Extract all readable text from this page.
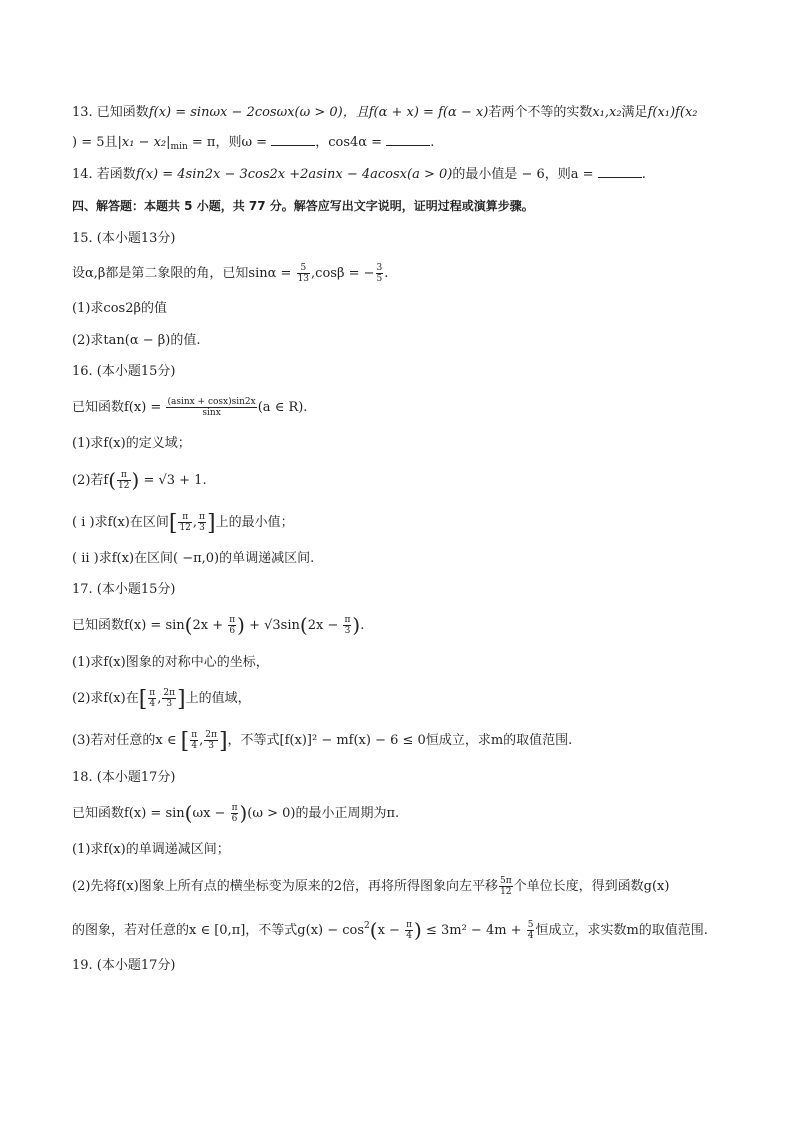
13. 已知函数f(x) = sinωx − 2cosωx(ω > 0)，且f(α + x) = f(α − x)若两个不等的实数x₁,x₂满足f(x₁)f(x₂
) = 5且$|x_1 - x_2|_{min} = \pi$，则ω =	，cos4α =	.
14. 若函数f(x) = 4sin2x − 3cos2x +2asinx − 4acosx(a > 0)的最小值是 − 6，则a =	.
四、解答题：本题共 5 小题，共 77 分。解答应写出文字说明，证明过程或演算步骤。
15. (本小题13分)
设α,β都是第二象限的角，已知$\sin\alpha = \frac{5}{13} ,\cos\beta$ = − $\frac{3}{5}$ .
(1)求cos2β的值
(2)求tan(α − β)的值.
16. (本小题15分)
已知函数$f(x) = \frac{(asinx + \cos x)\sin 2x}{\sin x} (a$ ∈ R).
(1)求f(x)的定义域；
(2)若$f( \frac{\pi}{12}$ ) = √3 + 1.
( i )求f(x)在区间[ $\frac{\pi}{12}$ , $\frac{\pi}{3}$ ]上的最小值；
( ii )求f(x)在区间( −π,0)的单调递减区间.
17. (本小题15分)
已知函数$f(x) = \sin(2x + \frac{\pi}{6}$ ) + $√3\sin(2x - \frac{\pi}{3}$ ).
(1)求f(x)图象的对称中心的坐标，
(2)求f(x)在[ $\frac{\pi}{4}$ , $\frac{2\pi}{3}$ ]上的值域，
(3)若对任意的x ∈ [ $\frac{\pi}{4}$ , $\frac{2\pi}{3}$ ]，不等式[f(x)]² − mf(x) − 6 ≤ 0恒成立，求m的取值范围.
18. (本小题17分)
已知函数$f(x) = \sin(\omega x - \frac{\pi}{6} )(\omega > 0)$的最小正周期为π.
(1)求f(x)的单调递减区间；
(2)先将f(x)图象上所有点的横坐标变为原来的2倍，再将所得图象向左平移 $\frac{5\pi}{12}$ 个单位长度，得到函数g(x)
的图象，若对任意的x ∈ [0,π]，不等式$g(x) - \cos^2(x - \frac{\pi}{4}$ ) ≤ $3m^2 - 4m + \frac{5}{4}$ 恒成立，求实数m的取值范围.
19. (本小题17分)
